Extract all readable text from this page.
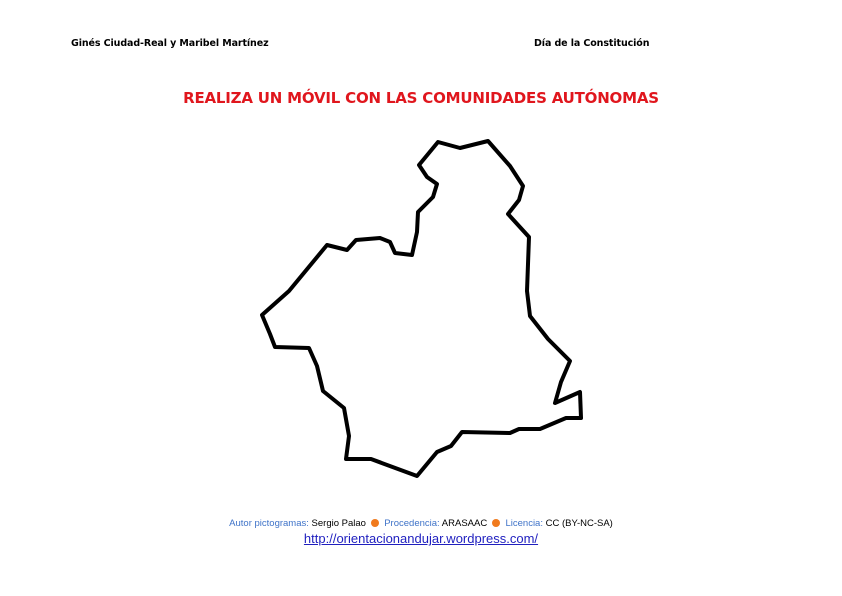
Ginés Ciudad-Real y Maribel Martínez	Día de la Constitución
REALIZA UN MÓVIL CON LAS COMUNIDADES AUTÓNOMAS
Autor pictogramas: Sergio Palao Procedencia: ARASAAC Licencia: CC (BY-NC-SA)
http://orientacionandujar.wordpress.com/
